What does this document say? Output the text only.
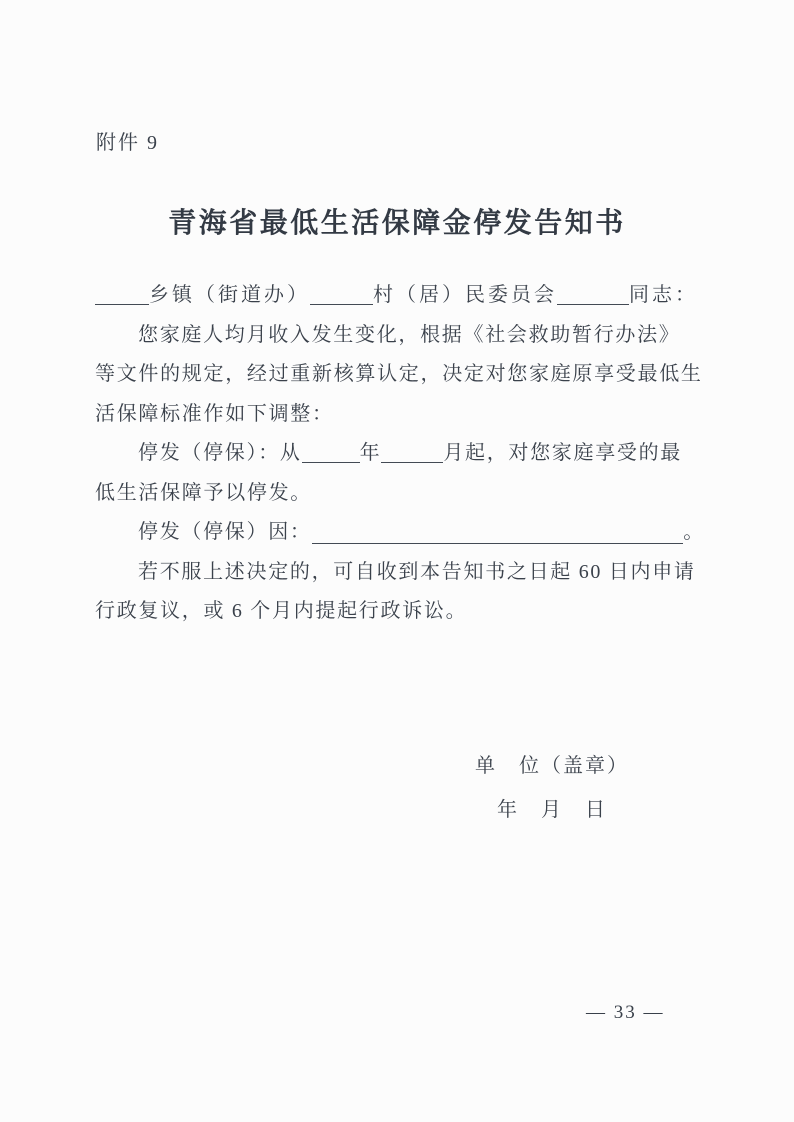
附件 9
青海省最低生活保障金停发告知书
乡镇（街道办）	村（居）民委员会	同志：
您家庭人均月收入发生变化，根据《社会救助暂行办法》
等文件的规定，经过重新核算认定，决定对您家庭原享受最低生
活保障标准作如下调整：
停发（停保）：从	年	月起，对您家庭享受的最
低生活保障予以停发。
停发（停保）因：	。
若不服上述决定的，可自收到本告知书之日起 60 日内申请
行政复议，或 6 个月内提起行政诉讼。
单　位（盖章）
年　月　日
— 33 —
